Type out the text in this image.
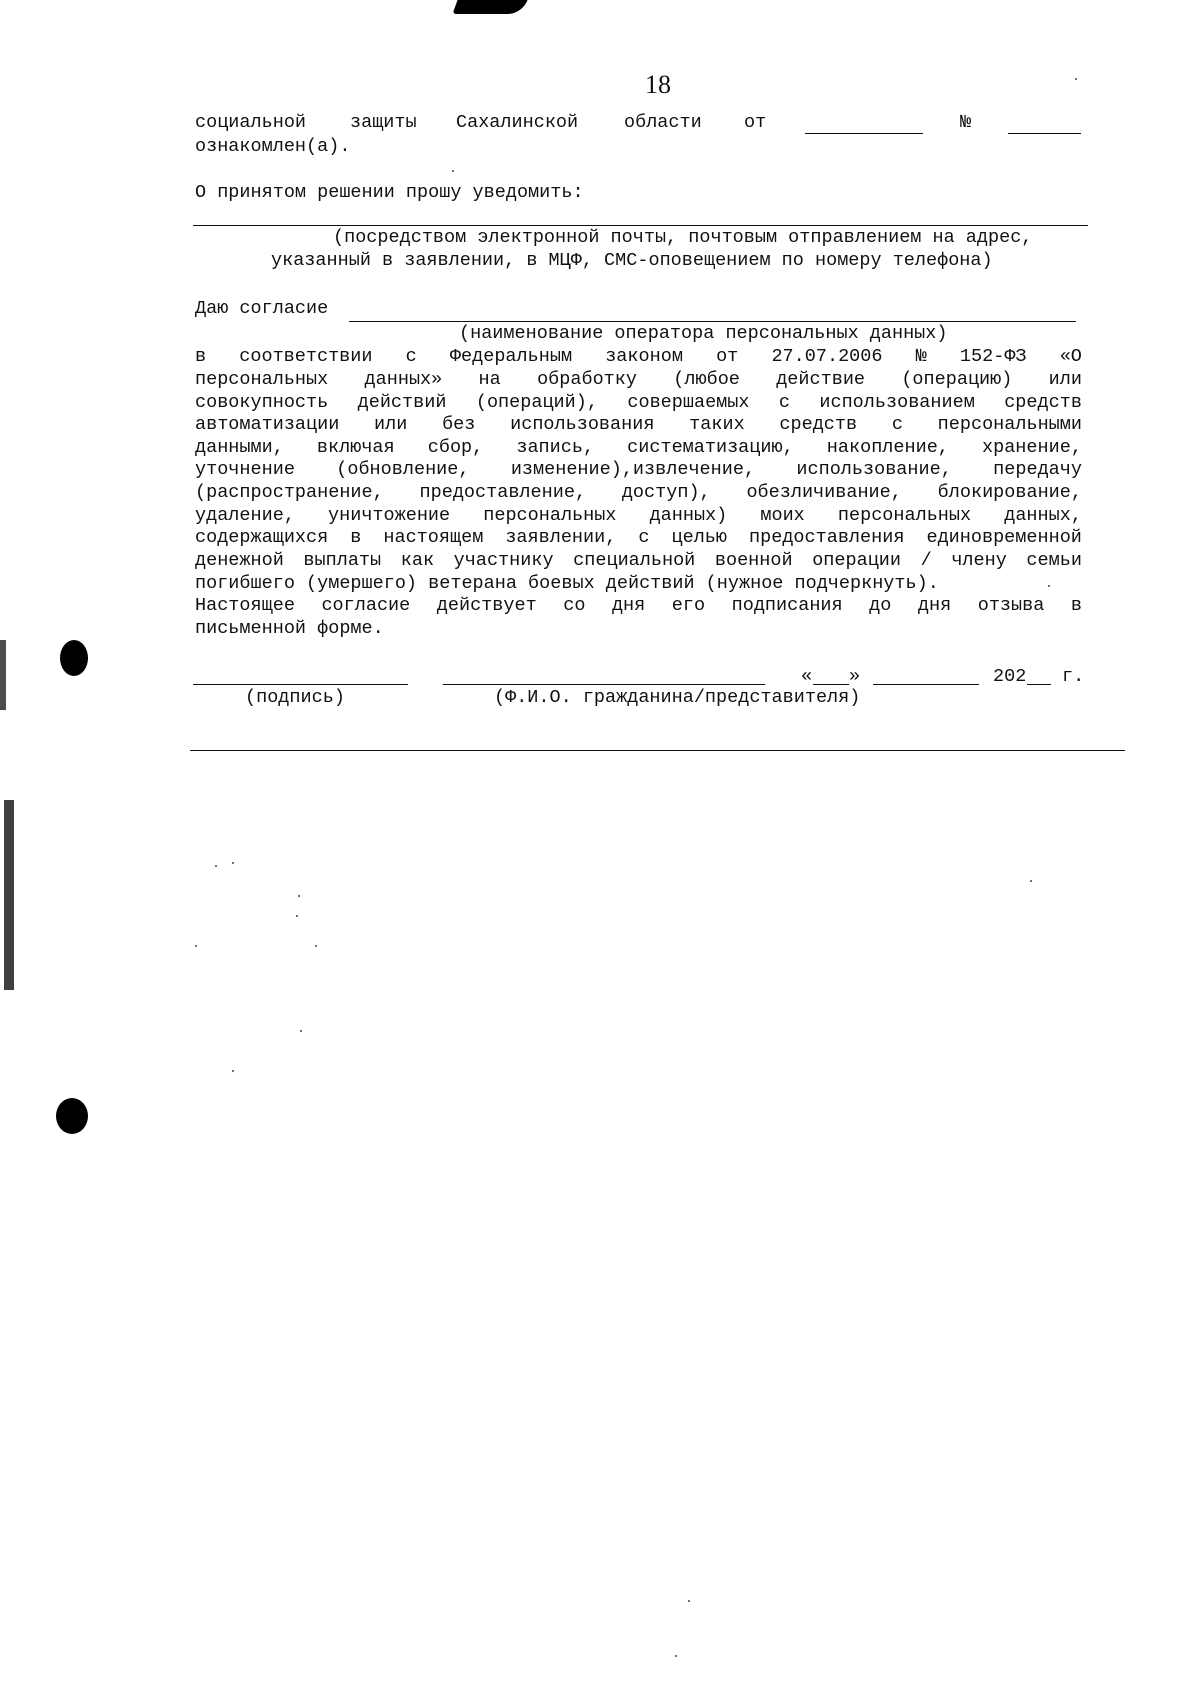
18
социальной защиты Сахалинской области от	№
ознакомлен(а).
О принятом решении прошу уведомить:
(посредством электронной почты, почтовым отправлением на адрес,
указанный в заявлении, в МЦФ, СМС-оповещением по номеру телефона)
Даю согласие
(наименование оператора персональных данных)
в соответствии с Федеральным законом от 27.07.2006 № 152-ФЗ «О
персональных данных» на обработку (любое действие (операцию) или
совокупность действий (операций), совершаемых с использованием средств
автоматизации или без использования таких средств с персональными
данными, включая сбор, запись, систематизацию, накопление, хранение,
уточнение (обновление, изменение),извлечение, использование, передачу
(распространение, предоставление, доступ), обезличивание, блокирование,
удаление, уничтожение персональных данных) моих персональных данных,
содержащихся в настоящем заявлении, с целью предоставления единовременной
денежной выплаты как участнику специальной военной операции / члену семьи
погибшего (умершего) ветерана боевых действий (нужное подчеркнуть).
Настоящее согласие действует со дня его подписания до дня отзыва в
письменной форме.
« »	202 г.
(подпись)	(Ф.И.О. гражданина/представителя)
